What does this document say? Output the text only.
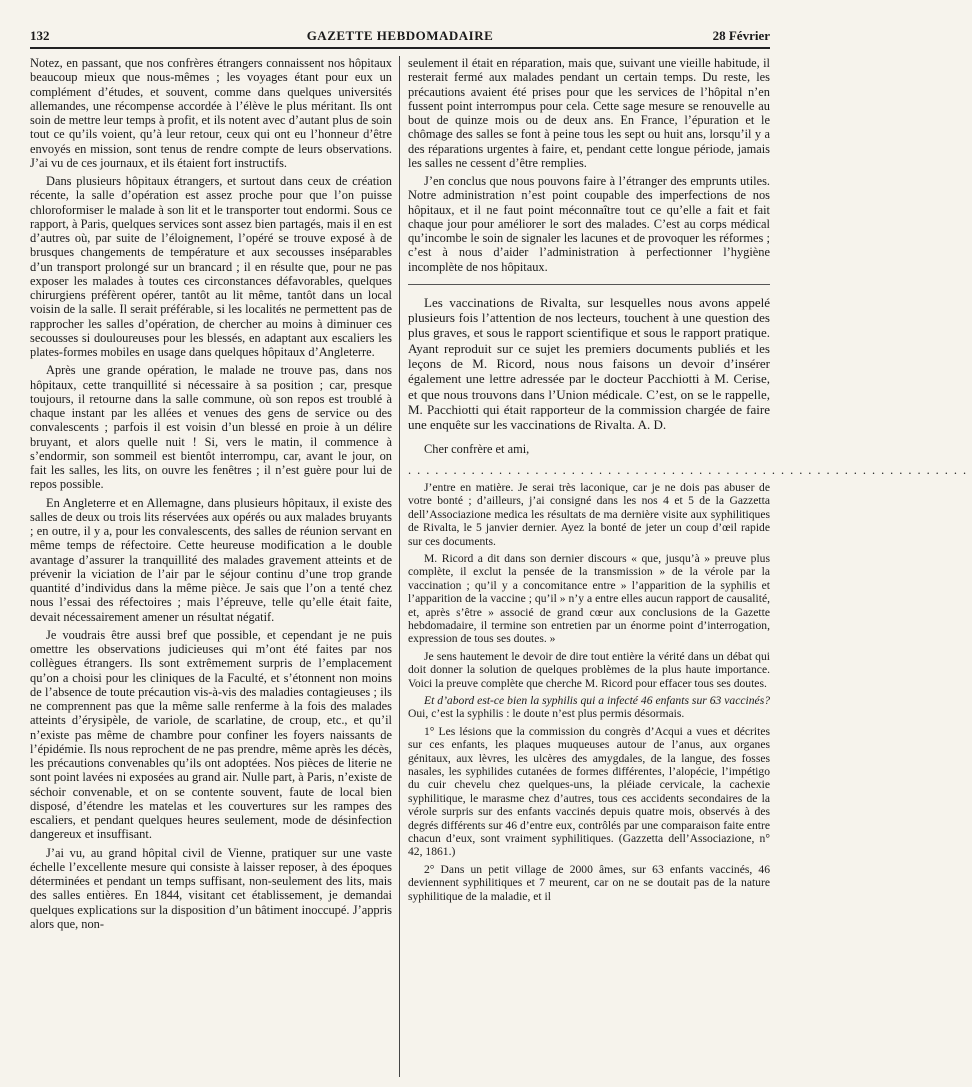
132	GAZETTE HEBDOMADAIRE	28 Février

Notez, en passant, que nos confrères étrangers connaissent nos hôpitaux beaucoup mieux que nous-mêmes ; les voyages étant pour eux un complément d’études, et souvent, comme dans quelques universités allemandes, une récompense accordée à l’élève le plus méritant. Ils ont soin de mettre leur temps à profit, et ils notent avec d’autant plus de soin tout ce qu’ils voient, qu’à leur retour, ceux qui ont eu l’honneur d’être envoyés en mission, sont tenus de rendre compte de leurs observations. J’ai vu de ces journaux, et ils étaient fort instructifs.

Dans plusieurs hôpitaux étrangers, et surtout dans ceux de création récente, la salle d’opération est assez proche pour que l’on puisse chloroformiser le malade à son lit et le transporter tout endormi. Sous ce rapport, à Paris, quelques services sont assez bien partagés, mais il en est d’autres où, par suite de l’éloignement, l’opéré se trouve exposé à de brusques changements de température et aux secousses inséparables d’un transport prolongé sur un brancard ; il en résulte que, pour ne pas exposer les malades à toutes ces circonstances défavorables, quelques chirurgiens préfèrent opérer, tantôt au lit même, tantôt dans un local voisin de la salle. Il serait préférable, si les localités ne permettent pas de rapprocher les salles d’opération, de chercher au moins à diminuer ces secousses si douloureuses pour les blessés, en adaptant aux escaliers les plates-formes mobiles en usage dans quelques hôpitaux d’Angleterre.

Après une grande opération, le malade ne trouve pas, dans nos hôpitaux, cette tranquillité si nécessaire à sa position ; car, presque toujours, il retourne dans la salle commune, où son repos est troublé à chaque instant par les allées et venues des gens de service ou des convalescents ; parfois il est voisin d’un blessé en proie à un délire bruyant, et alors quelle nuit ! Si, vers le matin, il commence à s’endormir, son sommeil est bientôt interrompu, car, avant le jour, on fait les salles, les lits, on ouvre les fenêtres ; il n’est guère pour lui de repos possible.

En Angleterre et en Allemagne, dans plusieurs hôpitaux, il existe des salles de deux ou trois lits réservées aux opérés ou aux malades bruyants ; en outre, il y a, pour les convalescents, des salles de réunion servant en même temps de réfectoire. Cette heureuse modification a le double avantage d’assurer la tranquillité des malades gravement atteints et de prévenir la viciation de l’air par le séjour continu d’une trop grande quantité d’individus dans la même pièce. Je sais que l’on a tenté chez nous l’essai des réfectoires ; mais l’épreuve, telle qu’elle était faite, devait nécessairement amener un résultat négatif.

Je voudrais être aussi bref que possible, et cependant je ne puis omettre les observations judicieuses qui m’ont été faites par nos collègues étrangers. Ils sont extrêmement surpris de l’emplacement qu’on a choisi pour les cliniques de la Faculté, et s’étonnent non moins de l’absence de toute précaution vis-à-vis des maladies contagieuses ; ils ne comprennent pas que la même salle renferme à la fois des malades atteints d’érysipèle, de variole, de scarlatine, de croup, etc., et qu’il n’existe pas même de chambre pour confiner les foyers naissants de l’épidémie. Ils nous reprochent de ne pas prendre, même après les décès, les précautions convenables qu’ils ont adoptées. Nos pièces de literie ne sont point lavées ni exposées au grand air. Nulle part, à Paris, n’existe de séchoir convenable, et on se contente souvent, faute de local bien disposé, d’étendre les matelas et les couvertures sur les rampes des escaliers, et pendant quelques heures seulement, mode de désinfection dangereux et insuffisant.

J’ai vu, au grand hôpital civil de Vienne, pratiquer sur une vaste échelle l’excellente mesure qui consiste à laisser reposer, à des époques déterminées et pendant un temps suffisant, non-seulement des lits, mais des salles entières. En 1844, visitant cet établissement, je demandai quelques explications sur la disposition d’un bâtiment inoccupé. J’appris alors que, non-

seulement il était en réparation, mais que, suivant une vieille habitude, il resterait fermé aux malades pendant un certain temps. Du reste, les précautions avaient été prises pour que les services de l’hôpital n’en fussent point interrompus pour cela. Cette sage mesure se renouvelle au bout de quinze mois ou de deux ans. En France, l’épuration et le chômage des salles se font à peine tous les sept ou huit ans, lorsqu’il y a des réparations urgentes à faire, et, pendant cette longue période, jamais les salles ne cessent d’être remplies.

J’en conclus que nous pouvons faire à l’étranger des emprunts utiles. Notre administration n’est point coupable des imperfections de nos hôpitaux, et il ne faut point méconnaître tout ce qu’elle a fait et fait chaque jour pour améliorer le sort des malades. C’est au corps médical qu’incombe le soin de signaler les lacunes et de provoquer les réformes ; c’est à nous d’aider l’administration à perfectionner l’hygiène incomplète de nos hôpitaux.

Les vaccinations de Rivalta, sur lesquelles nous avons appelé plusieurs fois l’attention de nos lecteurs, touchent à une question des plus graves, et sous le rapport scientifique et sous le rapport pratique. Ayant reproduit sur ce sujet les premiers documents publiés et les leçons de M. Ricord, nous nous faisons un devoir d’insérer également une lettre adressée par le docteur Pacchiotti à M. Cerise, et que nous trouvons dans l’Union médicale. C’est, on se le rappelle, M. Pacchiotti qui était rapporteur de la commission chargée de faire une enquête sur les vaccinations de Rivalta. A. D.

Cher confrère et ami,

..............................................................

J’entre en matière. Je serai très laconique, car je ne dois pas abuser de votre bonté ; d’ailleurs, j’ai consigné dans les nos 4 et 5 de la Gazzetta dell’Associazione medica les résultats de ma dernière visite aux syphilitiques de Rivalta, le 5 janvier dernier. Ayez la bonté de jeter un coup d’œil rapide sur ces documents.

M. Ricord a dit dans son dernier discours « que, jusqu’à » preuve plus complète, il exclut la pensée de la transmission » de la vérole par la vaccination ; qu’il y a concomitance entre » l’apparition de la syphilis et l’apparition de la vaccine ; qu’il » n’y a entre elles aucun rapport de causalité, et, après s’être » associé de grand cœur aux conclusions de la Gazette hebdomadaire, il termine son entretien par un énorme point d’interrogation, expression de tous ses doutes. »

Je sens hautement le devoir de dire tout entière la vérité dans un débat qui doit donner la solution de quelques problèmes de la plus haute importance. Voici la preuve complète que cherche M. Ricord pour effacer tous ses doutes.

Et d’abord est-ce bien la syphilis qui a infecté 46 enfants sur 63 vaccinés? Oui, c’est la syphilis : le doute n’est plus permis désormais.

1° Les lésions que la commission du congrès d’Acqui a vues et décrites sur ces enfants, les plaques muqueuses autour de l’anus, aux organes génitaux, aux lèvres, les ulcères des amygdales, de la langue, des fosses nasales, les syphilides cutanées de formes différentes, l’alopécie, l’impétigo du cuir chevelu chez quelques-uns, la pléiade cervicale, la cachexie syphilitique, le marasme chez d’autres, tous ces accidents secondaires de la vérole surpris sur des enfants vaccinés depuis quatre mois, observés à des degrés différents sur 46 d’entre eux, contrôlés par une comparaison faite entre chacun d’eux, sont vraiment syphilitiques. (Gazzetta dell’Associazione, n° 42, 1861.)

2° Dans un petit village de 2000 âmes, sur 63 enfants vaccinés, 46 deviennent syphilitiques et 7 meurent, car on ne se doutait pas de la nature syphilitique de la maladie, et il
